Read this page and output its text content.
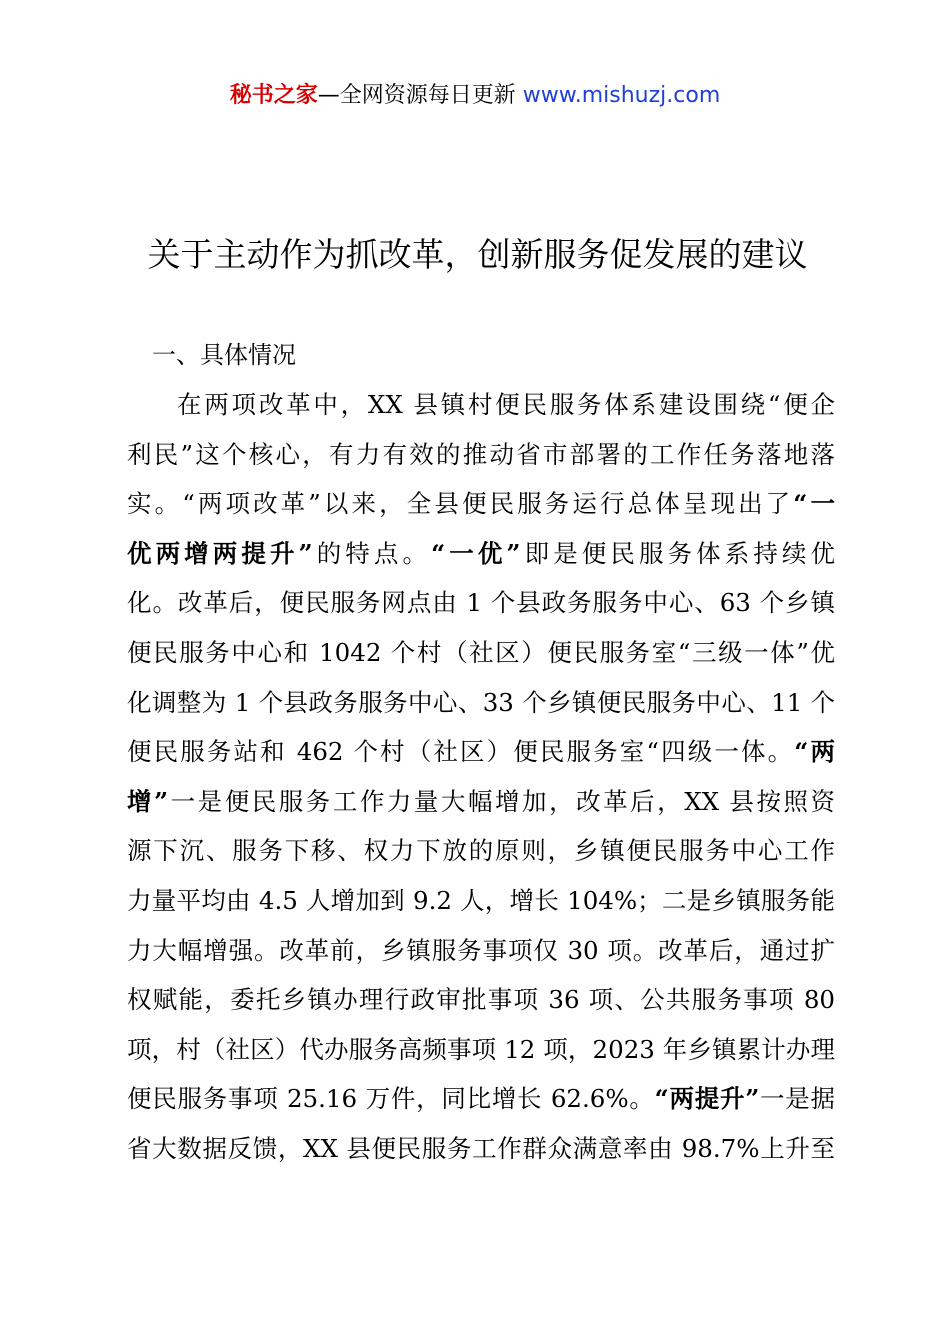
秘书之家—全网资源每日更新 www.mishuzj.com
关于主动作为抓改革，创新服务促发展的建议
一、具体情况
在两项改革中，XX 县镇村便民服务体系建设围绕“便企
利民”这个核心，有力有效的推动省市部署的工作任务落地落
实。“两项改革”以来，全县便民服务运行总体呈现出了“一
优两增两提升”的特点。“一优”即是便民服务体系持续优
化。改革后，便民服务网点由 1 个县政务服务中心、63 个乡镇
便民服务中心和 1042 个村（社区）便民服务室“三级一体”优
化调整为 1 个县政务服务中心、33 个乡镇便民服务中心、11 个
便民服务站和 462 个村（社区）便民服务室“四级一体。“两
增”一是便民服务工作力量大幅增加，改革后，XX 县按照资
源下沉、服务下移、权力下放的原则，乡镇便民服务中心工作
力量平均由 4.5 人增加到 9.2 人，增长 104%；二是乡镇服务能
力大幅增强。改革前，乡镇服务事项仅 30 项。改革后，通过扩
权赋能，委托乡镇办理行政审批事项 36 项、公共服务事项 80
项，村（社区）代办服务高频事项 12 项，2023 年乡镇累计办理
便民服务事项 25.16 万件，同比增长 62.6%。“两提升”一是据
省大数据反馈，XX 县便民服务工作群众满意率由 98.7%上升至
